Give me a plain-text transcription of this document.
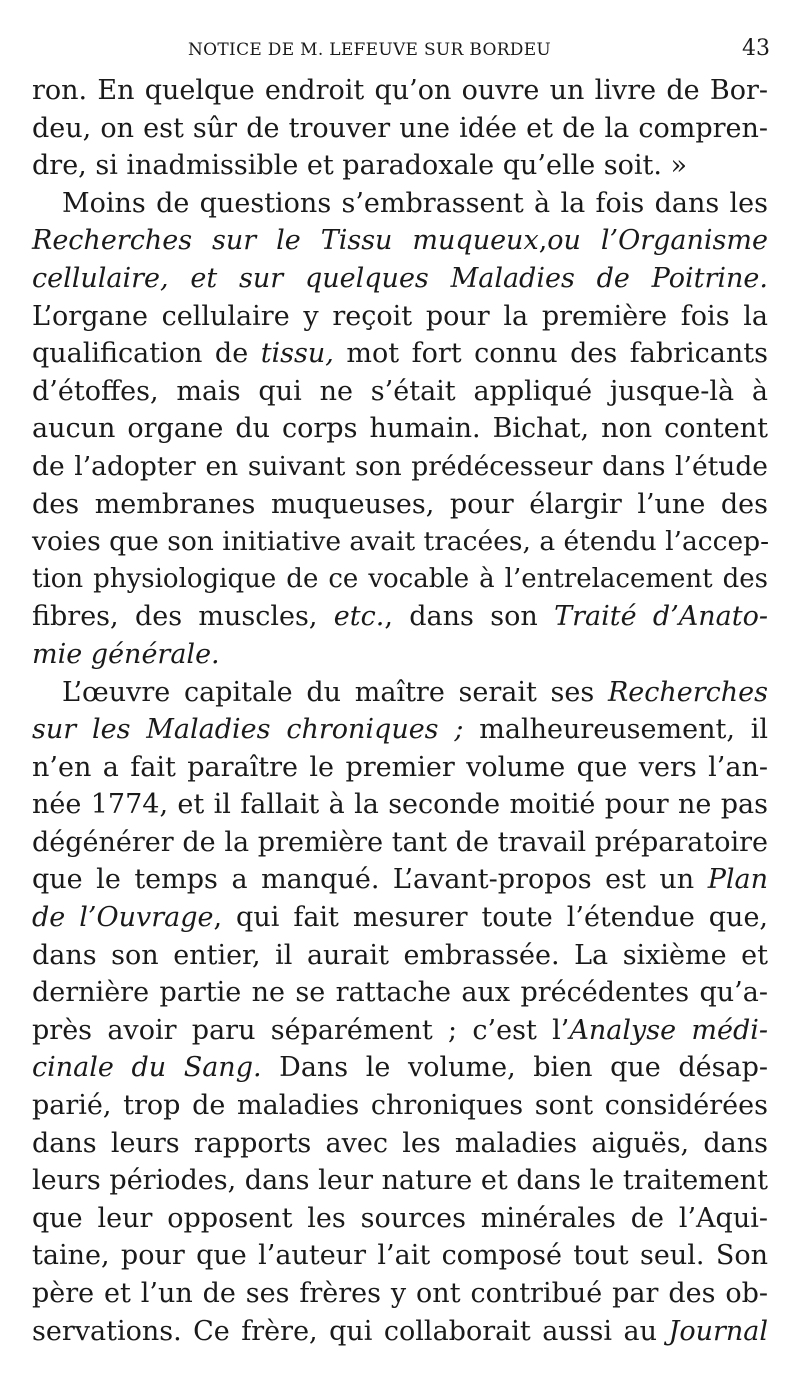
NOTICE DE M. LEFEUVE SUR BORDEU	43
ron. En quelque endroit qu’on ouvre un livre de Bor-
deu, on est sûr de trouver une idée et de la compren-
dre, si inadmissible et paradoxale qu’elle soit. »
Moins de questions s’embrassent à la fois dans les
Recherches sur le Tissu muqueux,ou l’Organisme
cellulaire, et sur quelques Maladies de Poitrine.
L’organe cellulaire y reçoit pour la première fois la
qualification de tissu, mot fort connu des fabricants
d’étoffes, mais qui ne s’était appliqué jusque-là à
aucun organe du corps humain. Bichat, non content
de l’adopter en suivant son prédécesseur dans l’étude
des membranes muqueuses, pour élargir l’une des
voies que son initiative avait tracées, a étendu l’accep-
tion physiologique de ce vocable à l’entrelacement des
fibres, des muscles, etc., dans son Traité d’Anato-
mie générale.
L’œuvre capitale du maître serait ses Recherches
sur les Maladies chroniques ; malheureusement, il
n’en a fait paraître le premier volume que vers l’an-
née 1774, et il fallait à la seconde moitié pour ne pas
dégénérer de la première tant de travail préparatoire
que le temps a manqué. L’avant-propos est un Plan
de l’Ouvrage, qui fait mesurer toute l’étendue que,
dans son entier, il aurait embrassée. La sixième et
dernière partie ne se rattache aux précédentes qu’a-
près avoir paru séparément ; c’est l’Analyse médi-
cinale du Sang. Dans le volume, bien que désap-
parié, trop de maladies chroniques sont considérées
dans leurs rapports avec les maladies aiguës, dans
leurs périodes, dans leur nature et dans le traitement
que leur opposent les sources minérales de l’Aqui-
taine, pour que l’auteur l’ait composé tout seul. Son
père et l’un de ses frères y ont contribué par des ob-
servations. Ce frère, qui collaborait aussi au Journal
